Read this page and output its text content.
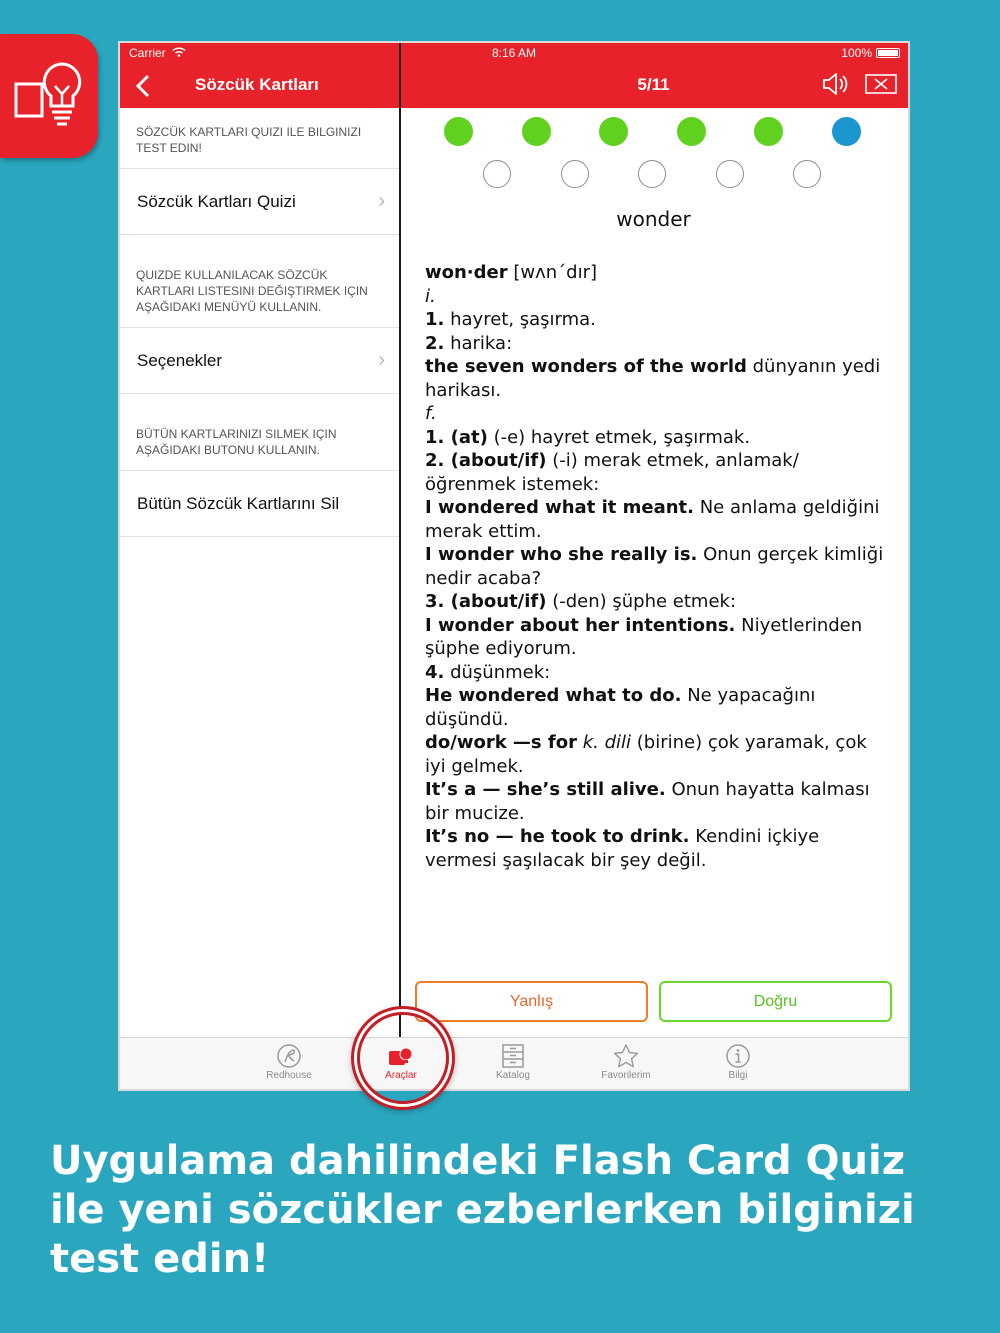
Carrier
Sözcük Kartları
SÖZCÜK KARTLARI QUIZI ILE BILGINIZI TEST EDIN!
Sözcük Kartları Quizi	›
QUIZDE KULLANILACAK SÖZCÜK KARTLARI LISTESINI DEĞIŞTIRMEK IÇIN AŞAĞIDAKI MENÜYÜ KULLANIN.
Seçenekler	›
BÜTÜN KARTLARINIZI SILMEK IÇIN AŞAĞIDAKI BUTONU KULLANIN.
Bütün Sözcük Kartlarını Sil
8:16 AM	100%
5/11
wonder
won·der [wʌn´dır]
i.
1. hayret, şaşırma.
2. harika:
the seven wonders of the world dünyanın yedi harikası.
f.
1. (at) (-e) hayret etmek, şaşırmak.
2. (about/if) (-i) merak etmek, anlamak/öğrenmek istemek:
I wondered what it meant. Ne anlama geldiğini merak ettim.
I wonder who she really is. Onun gerçek kimliği nedir acaba?
3. (about/if) (-den) şüphe etmek:
I wonder about her intentions. Niyetlerinden şüphe ediyorum.
4. düşünmek:
He wondered what to do. Ne yapacağını düşündü.
do/work —s for k. dili (birine) çok yaramak, çok iyi gelmek.
It’s a — she’s still alive. Onun hayatta kalması bir mucize.
It’s no — he took to drink. Kendini içkiye vermesi şaşılacak bir şey değil.
Yanlış	Doğru
Redhouse	Araçlar	Katalog	Favorilerim	Bilgi
Uygulama dahilindeki Flash Card Quiz ile yeni sözcükler ezberlerken bilginizi test edin!
